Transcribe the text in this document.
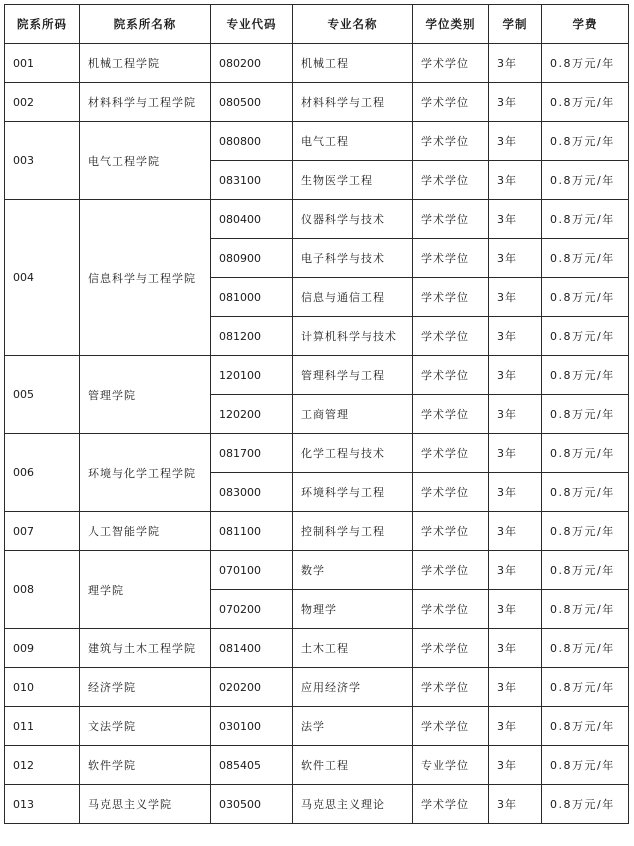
院系所码	院系所名称	专业代码	专业名称	学位类别	学制	学费
001	机械工程学院	080200	机械工程	学术学位	3年	0.8万元/年
002	材料科学与工程学院	080500	材料科学与工程	学术学位	3年	0.8万元/年
003	电气工程学院	080800	电气工程	学术学位	3年	0.8万元/年
		083100	生物医学工程	学术学位	3年	0.8万元/年
004	信息科学与工程学院	080400	仪器科学与技术	学术学位	3年	0.8万元/年
		080900	电子科学与技术	学术学位	3年	0.8万元/年
		081000	信息与通信工程	学术学位	3年	0.8万元/年
		081200	计算机科学与技术	学术学位	3年	0.8万元/年
005	管理学院	120100	管理科学与工程	学术学位	3年	0.8万元/年
		120200	工商管理	学术学位	3年	0.8万元/年
006	环境与化学工程学院	081700	化学工程与技术	学术学位	3年	0.8万元/年
		083000	环境科学与工程	学术学位	3年	0.8万元/年
007	人工智能学院	081100	控制科学与工程	学术学位	3年	0.8万元/年
008	理学院	070100	数学	学术学位	3年	0.8万元/年
		070200	物理学	学术学位	3年	0.8万元/年
009	建筑与土木工程学院	081400	土木工程	学术学位	3年	0.8万元/年
010	经济学院	020200	应用经济学	学术学位	3年	0.8万元/年
011	文法学院	030100	法学	学术学位	3年	0.8万元/年
012	软件学院	085405	软件工程	专业学位	3年	0.8万元/年
013	马克思主义学院	030500	马克思主义理论	学术学位	3年	0.8万元/年
